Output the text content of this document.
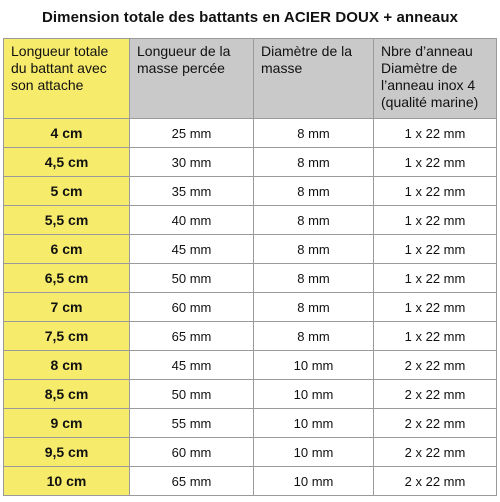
Dimension totale des battants en ACIER DOUX + anneaux
Longueur totale du battant avec son attache	Longueur de la masse percée	Diamètre de la masse	Nbre d’anneau Diamètre de l’anneau inox 4 (qualité marine)
4 cm	25 mm	8 mm	1 x 22 mm
4,5 cm	30 mm	8 mm	1 x 22 mm
5 cm	35 mm	8 mm	1 x 22 mm
5,5 cm	40 mm	8 mm	1 x 22 mm
6 cm	45 mm	8 mm	1 x 22 mm
6,5 cm	50 mm	8 mm	1 x 22 mm
7 cm	60 mm	8 mm	1 x 22 mm
7,5 cm	65 mm	8 mm	1 x 22 mm
8 cm	45 mm	10 mm	2 x 22 mm
8,5 cm	50 mm	10 mm	2 x 22 mm
9 cm	55 mm	10 mm	2 x 22 mm
9,5 cm	60 mm	10 mm	2 x 22 mm
10 cm	65 mm	10 mm	2 x 22 mm
